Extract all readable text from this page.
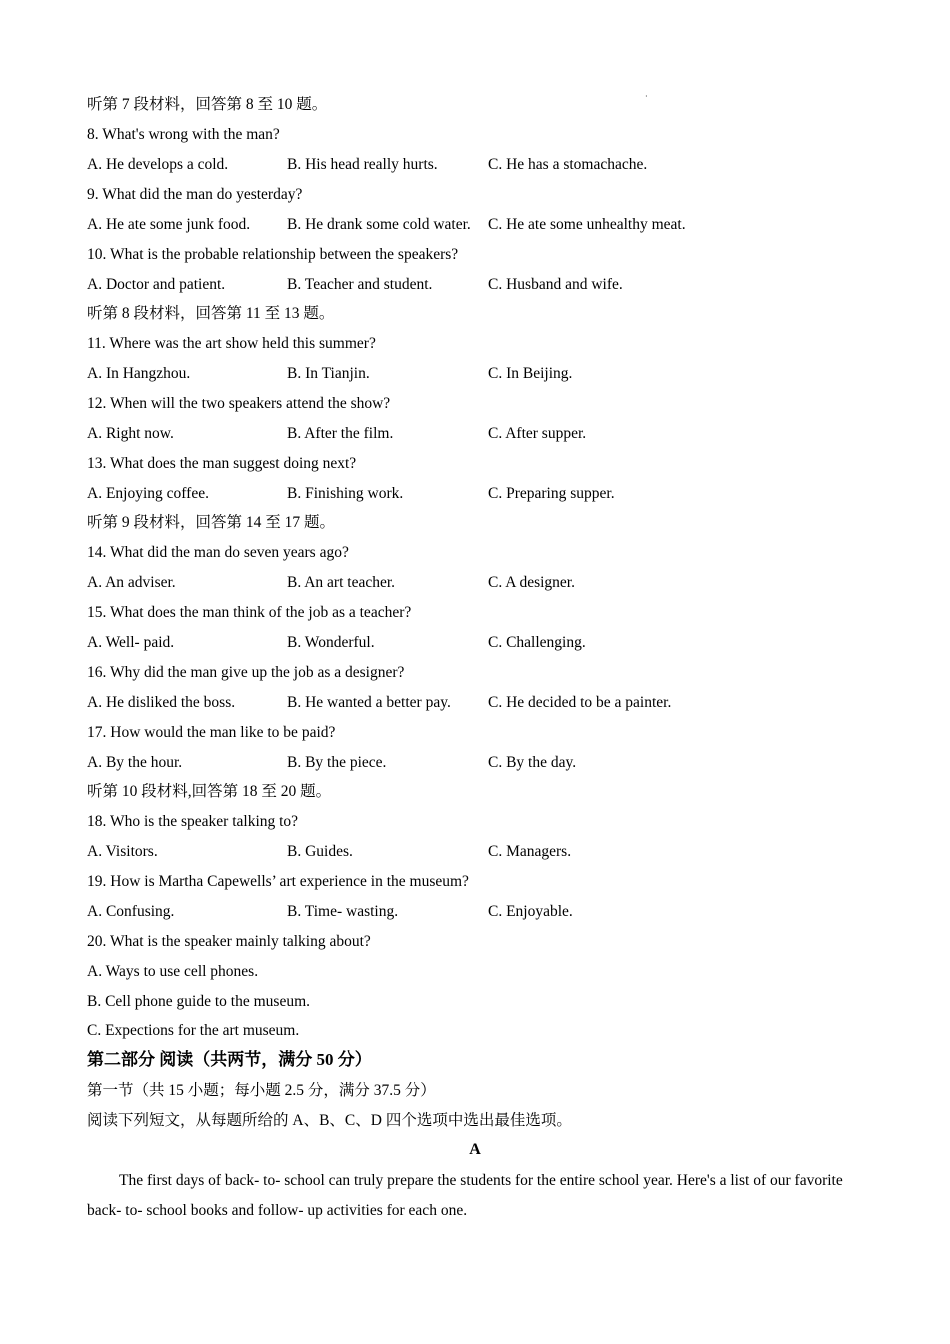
·
听第 7 段材料，回答第 8 至 10 题。
8. What's wrong with the man?
A. He develops a cold.	B. His head really hurts.	C. He has a stomachache.
9. What did the man do yesterday?
A. He ate some junk food. B. He drank some cold water. C. He ate some unhealthy meat.
10. What is the probable relationship between the speakers?
A. Doctor and patient.	B. Teacher and student.	C. Husband and wife.
听第 8 段材料，回答第 11 至 13 题。
11. Where was the art show held this summer?
A. In Hangzhou.	B. In Tianjin.	C. In Beijing.
12. When will the two speakers attend the show?
A. Right now.	B. After the film.	C. After supper.
13. What does the man suggest doing next?
A. Enjoying coffee.	B. Finishing work.	C. Preparing supper.
听第 9 段材料，回答第 14 至 17 题。
14. What did the man do seven years ago?
A. An adviser.	B. An art teacher.	C. A designer.
15. What does the man think of the job as a teacher?
A. Well- paid.	B. Wonderful.	C. Challenging.
16. Why did the man give up the job as a designer?
A. He disliked the boss.	B. He wanted a better pay. C. He decided to be a painter.
17. How would the man like to be paid?
A. By the hour.	B. By the piece.	C. By the day.
听第 10 段材料,回答第 18 至 20 题。
18. Who is the speaker talking to?
A. Visitors.	B. Guides.	C. Managers.
19. How is Martha Capewells’ art experience in the museum?
A. Confusing.	B. Time- wasting.	C. Enjoyable.
20. What is the speaker mainly talking about?
A. Ways to use cell phones.
B. Cell phone guide to the museum.
C. Expections for the art museum.
第二部分 阅读（共两节，满分 50 分）
第一节（共 15 小题；每小题 2.5 分，满分 37.5 分）
阅读下列短文，从每题所给的 A、B、C、D 四个选项中选出最佳选项。
A
The first days of back- to- school can truly prepare the students for the entire school year. Here's a list of our favorite back- to- school books and follow- up activities for each one.
